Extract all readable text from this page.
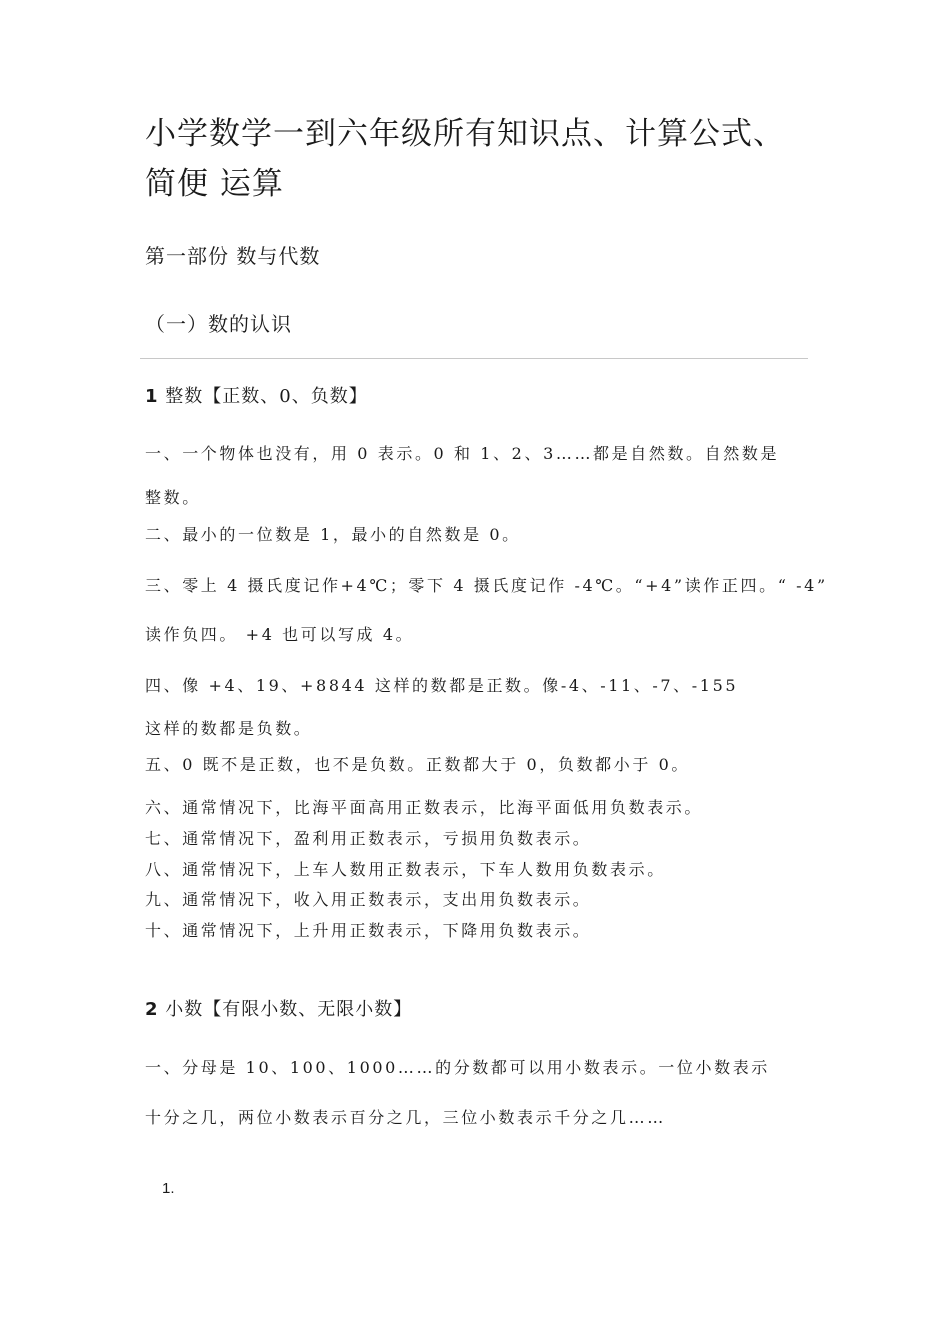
小学数学一到六年级所有知识点、计算公式、
简便 运算
第一部份 数与代数
（一）数的认识
1 整数【正数、0、负数】
一、一个物体也没有，用 0 表示。0 和 1、2、3……都是自然数。自然数是
整数。
二、最小的一位数是 1，最小的自然数是 0。
三、零上 4 摄氏度记作+4℃；零下 4 摄氏度记作 -4℃。“+4”读作正四。“ -4”
读作负四。 +4 也可以写成 4。
四、像 +4、19、+8844 这样的数都是正数。像-4、-11、-7、-155
这样的数都是负数。
五、0 既不是正数，也不是负数。正数都大于 0，负数都小于 0。
六、通常情况下，比海平面高用正数表示，比海平面低用负数表示。
七、通常情况下，盈利用正数表示，亏损用负数表示。
八、通常情况下，上车人数用正数表示，下车人数用负数表示。
九、通常情况下，收入用正数表示，支出用负数表示。
十、通常情况下，上升用正数表示，下降用负数表示。
2 小数【有限小数、无限小数】
一、分母是 10、100、1000……的分数都可以用小数表示。一位小数表示
十分之几，两位小数表示百分之几，三位小数表示千分之几……
1.
